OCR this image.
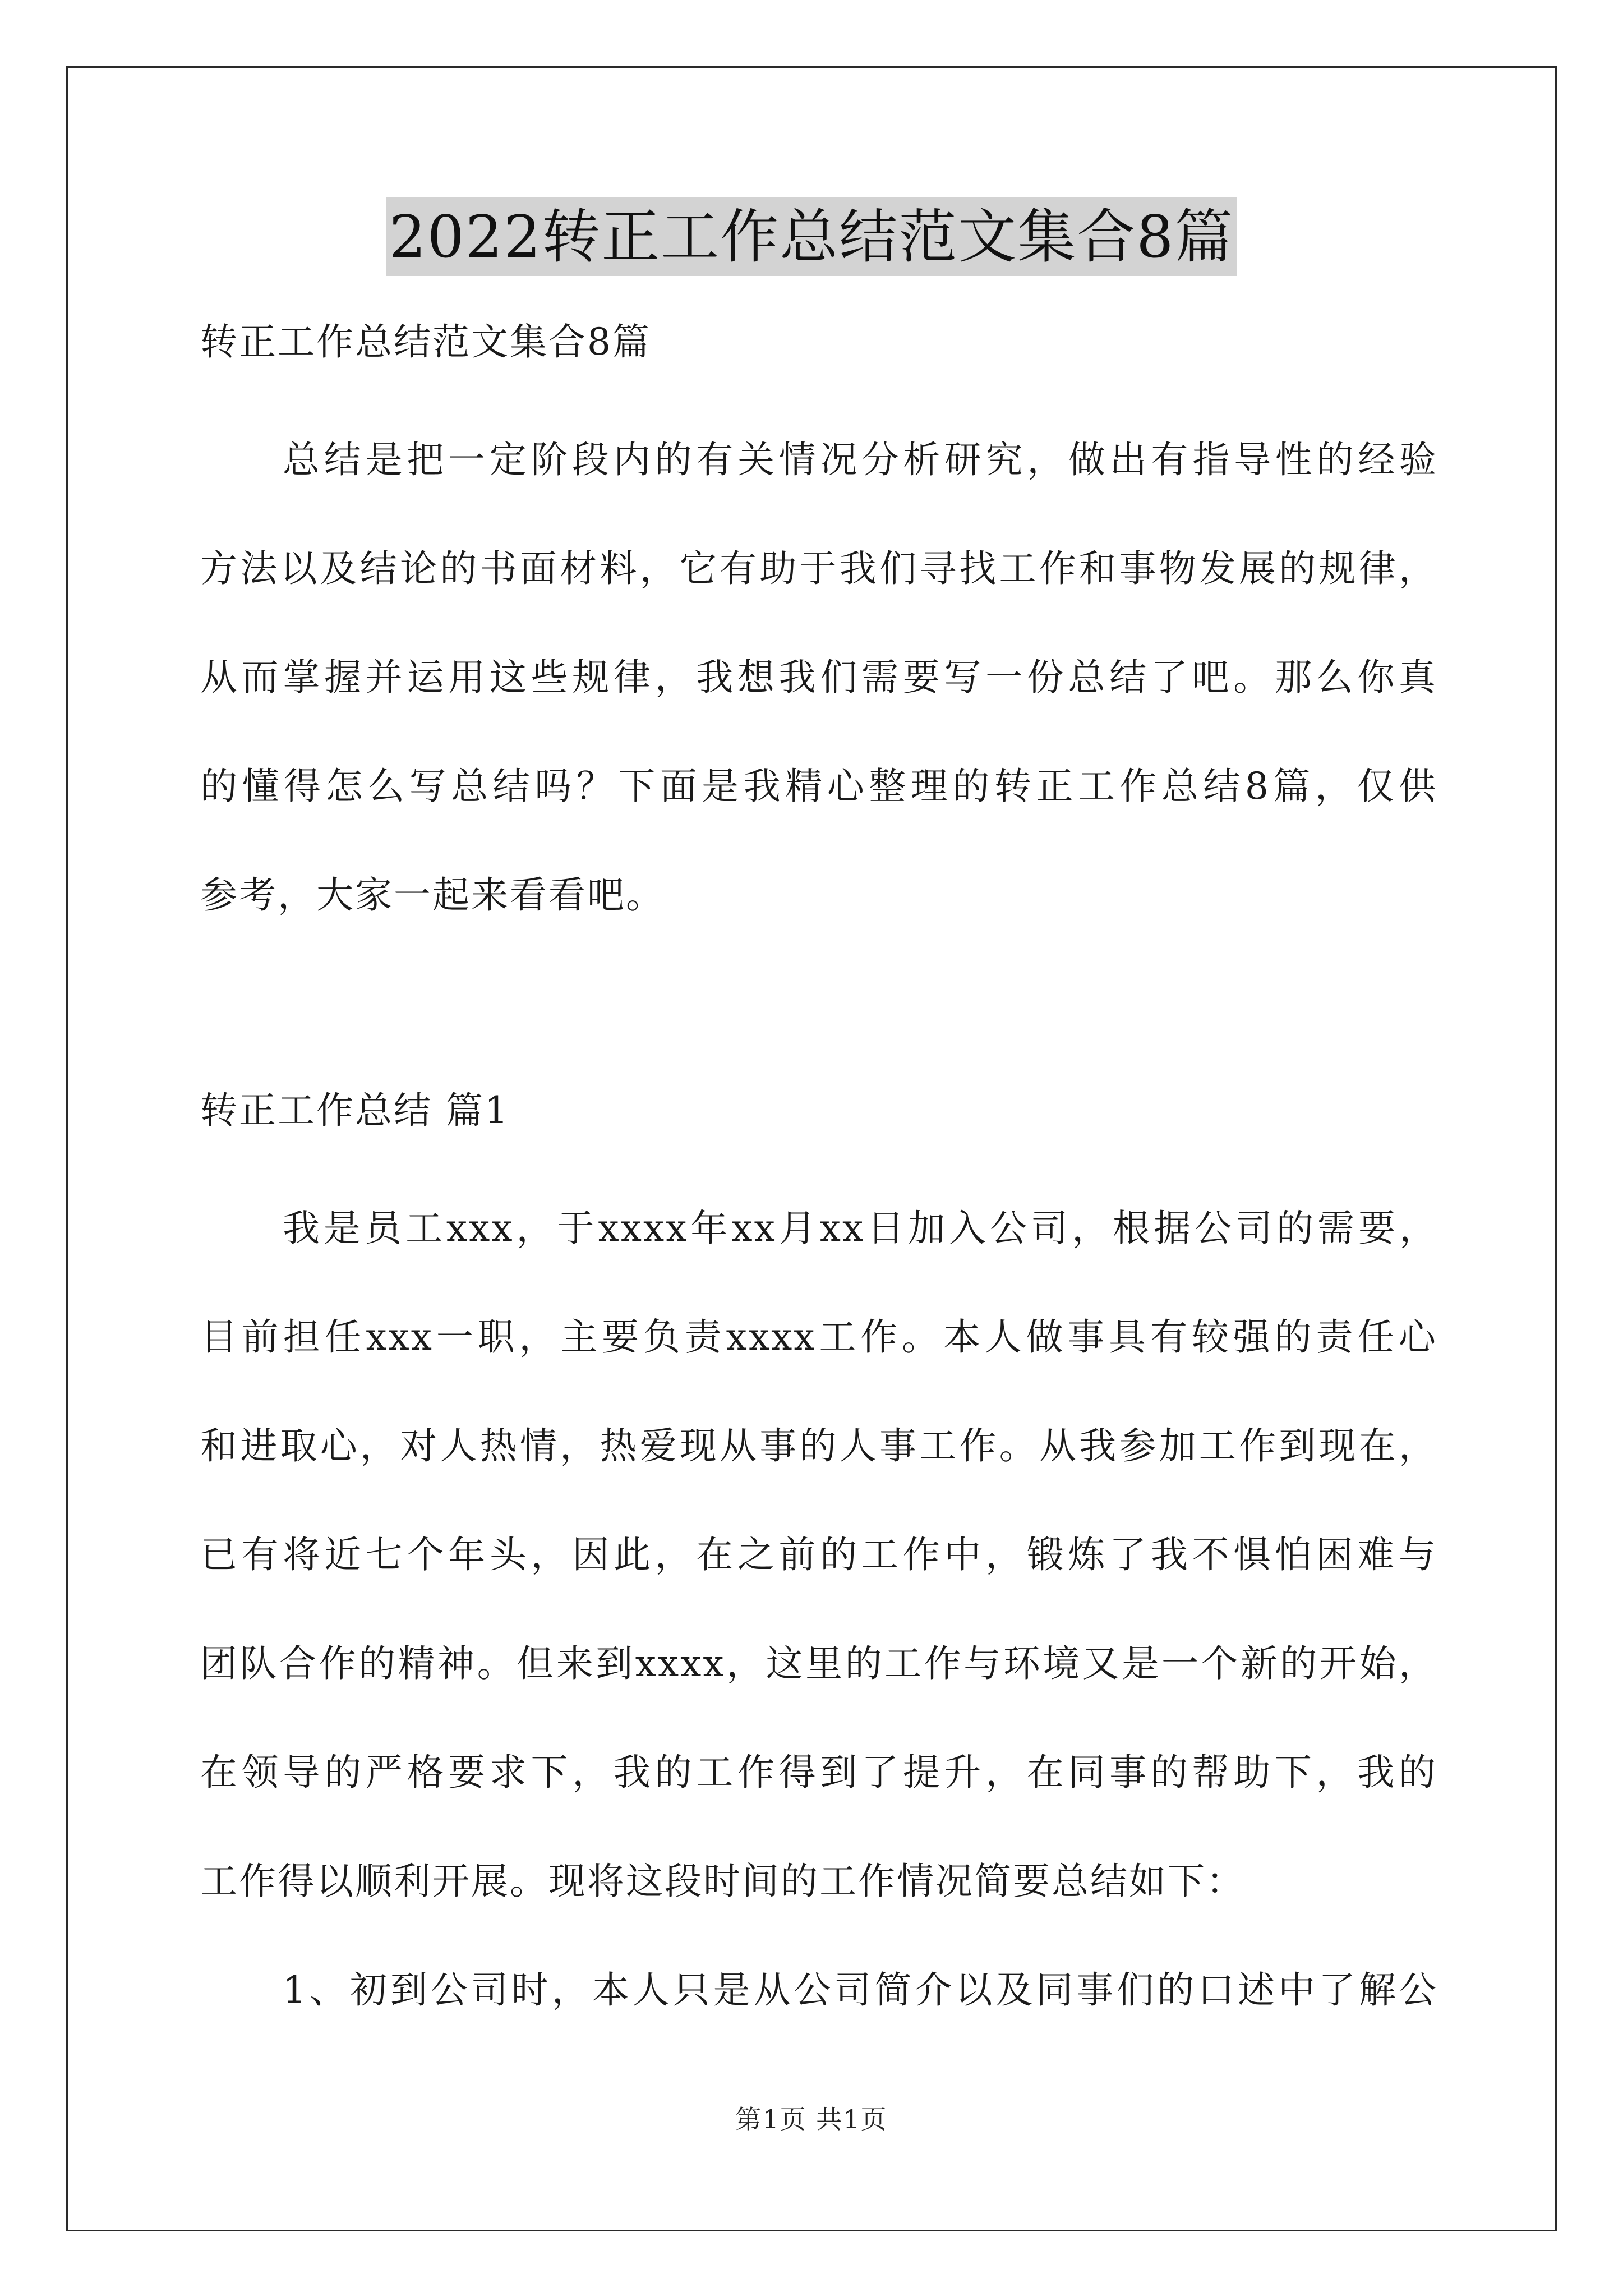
2022转正工作总结范文集合8篇

转正工作总结范文集合8篇

总结是把一定阶段内的有关情况分析研究，做出有指导性的经验

方法以及结论的书面材料，它有助于我们寻找工作和事物发展的规律，

从而掌握并运用这些规律，我想我们需要写一份总结了吧。那么你真

的懂得怎么写总结吗？下面是我精心整理的转正工作总结8篇，仅供

参考，大家一起来看看吧。

转正工作总结 篇1

我是员工xxx，于xxxx年xx月xx日加入公司，根据公司的需要，

目前担任xxx一职，主要负责xxxx工作。本人做事具有较强的责任心

和进取心，对人热情，热爱现从事的人事工作。从我参加工作到现在，

已有将近七个年头，因此，在之前的工作中，锻炼了我不惧怕困难与

团队合作的精神。但来到xxxx，这里的工作与环境又是一个新的开始，

在领导的严格要求下，我的工作得到了提升，在同事的帮助下，我的

工作得以顺利开展。现将这段时间的工作情况简要总结如下：

1、初到公司时，本人只是从公司简介以及同事们的口述中了解公

第1页 共1页
